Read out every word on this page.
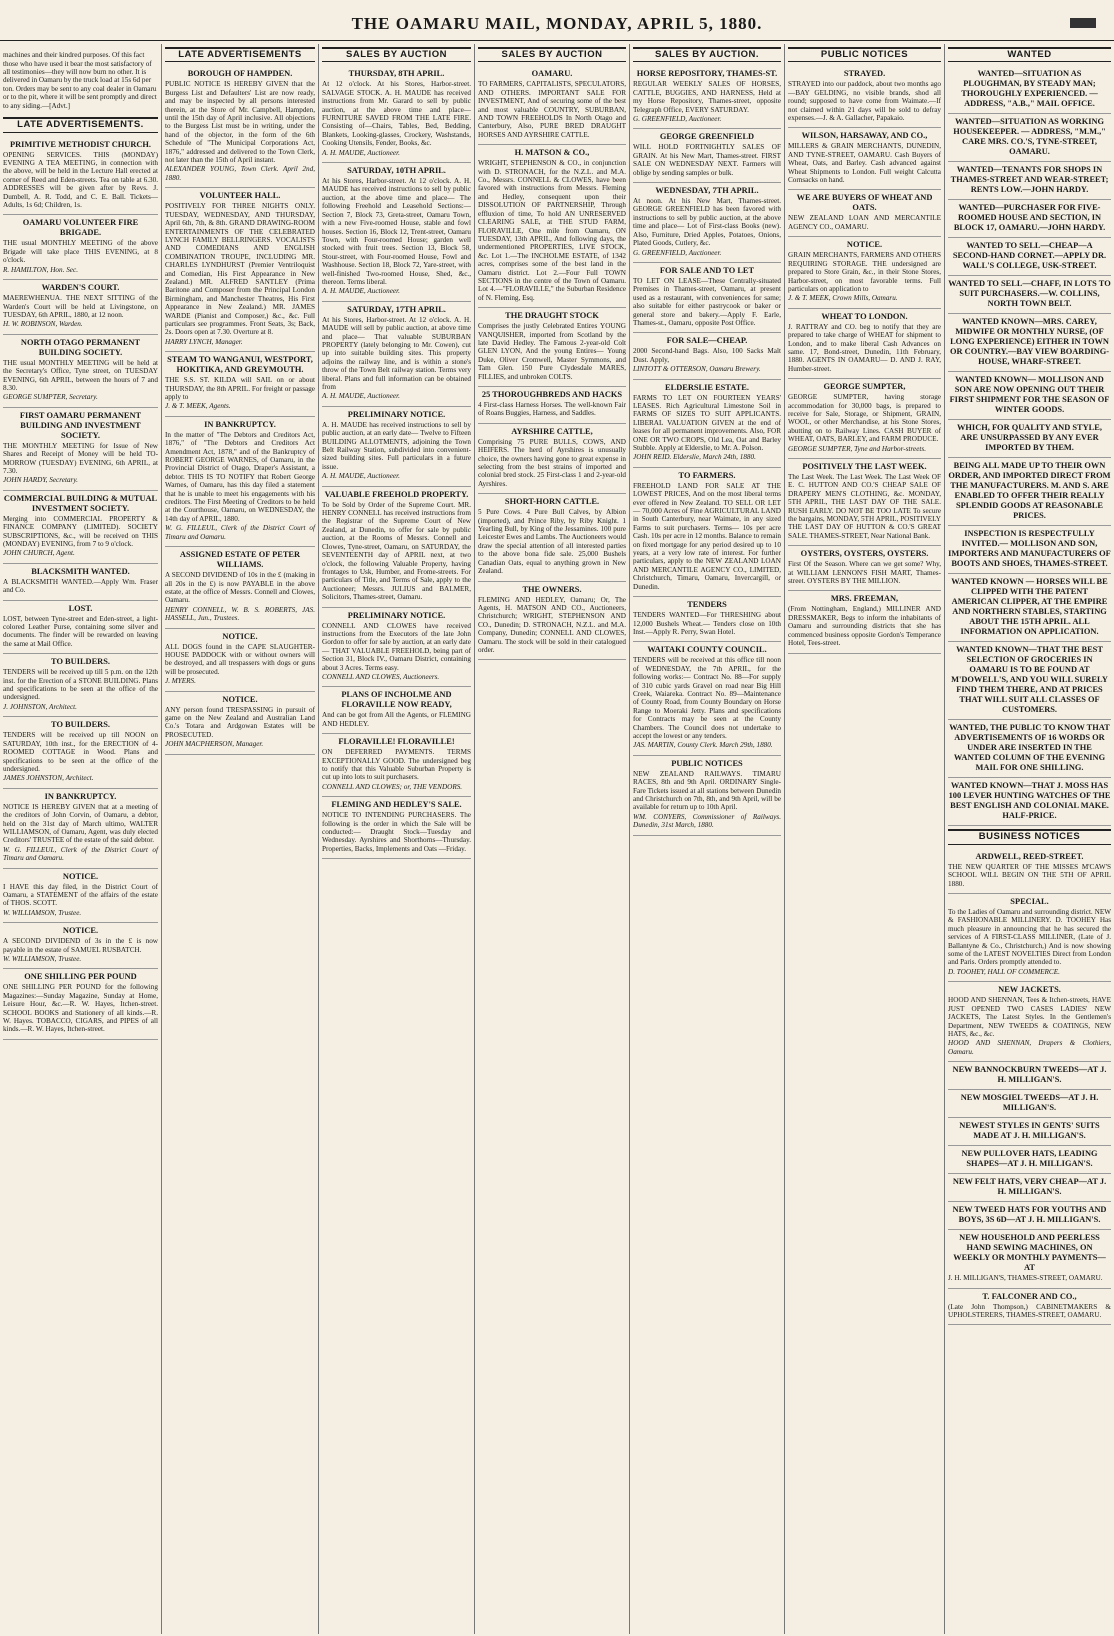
THE OAMARU MAIL, MONDAY, APRIL 5, 1880.

machines and their kindred purposes. Of this fact those who have used it bear the most satisfactory of all testimonies—they will now burn no other. It is delivered in Oamaru by the truck load at 15s 6d per ton. Orders may be sent to any coal dealer in Oamaru or to the pit, where it will be sent promptly and direct to any siding.—[Advt.]

LATE ADVERTISEMENTS.
PRIMITIVE METHODIST CHURCH.

OPENING SERVICES. THIS (MONDAY) EVENING A TEA MEETING, in connection with the above, will be held in the Lecture Hall erected at corner of Reed and Eden-streets. Tea on table at 6.30. ADDRESSES will be given after by Revs. J. Dumbell, A. R. Todd, and C. E. Ball. Tickets—Adults, 1s 6d; Children, 1s.

OAMARU VOLUNTEER FIRE BRIGADE.

THE usual MONTHLY MEETING of the above Brigade will take place THIS EVENING, at 8 o'clock.

R. HAMILTON, Hon. Sec.

WARDEN'S COURT.

MAEREWHENUA. THE NEXT SITTING of the Warden's Court will be held at Livingstone, on TUESDAY, 6th APRIL, 1880, at 12 noon.

H. W. ROBINSON, Warden.

NORTH OTAGO PERMANENT BUILDING SOCIETY.

THE usual MONTHLY MEETING will be held at the Secretary's Office, Tyne street, on TUESDAY EVENING, 6th APRIL, between the hours of 7 and 8.30.

GEORGE SUMPTER, Secretary.

FIRST OAMARU PERMANENT BUILDING AND INVESTMENT SOCIETY.

THE MONTHLY MEETING for Issue of New Shares and Receipt of Money will be held TO-MORROW (TUESDAY) EVENING, 6th APRIL, at 7.30.

JOHN HARDY, Secretary.

COMMERCIAL BUILDING & MUTUAL INVESTMENT SOCIETY.

Merging into COMMERCIAL PROPERTY & FINANCE COMPANY (LIMITED). SOCIETY SUBSCRIPTIONS, &c., will be received on THIS (MONDAY) EVENING, from 7 to 9 o'clock.

JOHN CHURCH, Agent.

BLACKSMITH WANTED.

A BLACKSMITH WANTED.—Apply Wm. Fraser and Co.

LOST.

LOST, between Tyne-street and Eden-street, a light-colored Leather Purse, containing some silver and documents. The finder will be rewarded on leaving the same at Mail Office.

TO BUILDERS.

TENDERS will be received up till 5 p.m. on the 12th inst. for the Erection of a STONE BUILDING. Plans and specifications to be seen at the office of the undersigned.

J. JOHNSTON, Architect.

TO BUILDERS.

TENDERS will be received up till NOON on SATURDAY, 10th inst., for the ERECTION of 4-ROOMED COTTAGE in Wood. Plans and specifications to be seen at the office of the undersigned.

JAMES JOHNSTON, Architect.

IN BANKRUPTCY.

NOTICE IS HEREBY GIVEN that at a meeting of the creditors of John Corvin, of Oamaru, a debtor, held on the 31st day of March ultimo, WALTER WILLIAMSON, of Oamaru, Agent, was duly elected Creditors' TRUSTEE of the estate of the said debtor.

W. G. FILLEUL, Clerk of the District Court of Timaru and Oamaru.

NOTICE.

I HAVE this day filed, in the District Court of Oamaru, a STATEMENT of the affairs of the estate of THOS. SCOTT.

W. WILLIAMSON, Trustee.

NOTICE.

A SECOND DIVIDEND of 3s in the £ is now payable in the estate of SAMUEL RUSBATCH.

W. WILLIAMSON, Trustee.

ONE SHILLING PER POUND

ONE SHILLING PER POUND for the following Magazines:—Sunday Magazine, Sunday at Home, Leisure Hour, &c.—R. W. Hayes, Itchen-street. SCHOOL BOOKS and Stationery of all kinds.—R. W. Hayes. TOBACCO, CIGARS, and PIPES of all kinds.—R. W. Hayes, Itchen-street.

LATE ADVERTISEMENTS
BOROUGH OF HAMPDEN.

PUBLIC NOTICE IS HEREBY GIVEN that the Burgess List and Defaulters' List are now ready, and may be inspected by all persons interested therein, at the Store of Mr. Campbell, Hampden, until the 15th day of April inclusive. All objections to the Burgess List must be in writing, under the hand of the objector, in the form of the 6th Schedule of "The Municipal Corporations Act, 1876," addressed and delivered to the Town Clerk, not later than the 15th of April instant.

ALEXANDER YOUNG, Town Clerk. April 2nd, 1880.

VOLUNTEER HALL.

POSITIVELY FOR THREE NIGHTS ONLY. TUESDAY, WEDNESDAY, AND THURSDAY, April 6th, 7th, & 8th. GRAND DRAWING-ROOM ENTERTAINMENTS OF THE CELEBRATED LYNCH FAMILY BELLRINGERS. VOCALISTS AND COMEDIANS AND ENGLISH COMBINATION TROUPE, INCLUDING MR. CHARLES LYNDHURST (Premier Ventriloquist and Comedian, His First Appearance in New Zealand.) MR. ALFRED SANTLEY (Prima Baritone and Composer from the Principal London Birmingham, and Manchester Theatres, His First Appearance in New Zealand.) MR. JAMES WARDE (Pianist and Composer,) &c., &c. Full particulars see programmes. Front Seats, 3s; Back, 2s. Doors open at 7.30. Overture at 8.

HARRY LYNCH, Manager.

STEAM TO WANGANUI, WESTPORT, HOKITIKA, AND GREYMOUTH.

THE S.S. ST. KILDA will SAIL on or about THURSDAY, the 8th APRIL. For freight or passage apply to

J. & T. MEEK, Agents.

IN BANKRUPTCY.

In the matter of "The Debtors and Creditors Act, 1876," of "The Debtors and Creditors Act Amendment Act, 1878," and of the Bankruptcy of ROBERT GEORGE WARNES, of Oamaru, in the Provincial District of Otago, Draper's Assistant, a debtor. THIS IS TO NOTIFY that Robert George Warnes, of Oamaru, has this day filed a statement that he is unable to meet his engagements with his creditors. The First Meeting of Creditors to be held at the Courthouse, Oamaru, on WEDNESDAY, the 14th day of APRIL, 1880.

W. G. FILLEUL, Clerk of the District Court of Timaru and Oamaru.

ASSIGNED ESTATE OF PETER WILLIAMS.

A SECOND DIVIDEND of 10s in the £ (making in all 20s in the £) is now PAYABLE in the above estate, at the office of Messrs. Connell and Clowes, Oamaru.

HENRY CONNELL, W. B. S. ROBERTS, JAS. HASSELL, Jun., Trustees.

NOTICE.

ALL DOGS found in the CAPE SLAUGHTER-HOUSE PADDOCK with or without owners will be destroyed, and all trespassers with dogs or guns will be prosecuted.

J. MYERS.

NOTICE.

ANY person found TRESPASSING in pursuit of game on the New Zealand and Australian Land Co.'s Totara and Ardgowan Estates will be PROSECUTED.

JOHN MACPHERSON, Manager.

SALES BY AUCTION
THURSDAY, 8TH APRIL.

At 12 o'clock. At his Stores, Harbor-street. SALVAGE STOCK. A. H. MAUDE has received instructions from Mr. Garard to sell by public auction, at the above time and place— FURNITURE SAVED FROM THE LATE FIRE. Consisting of—Chairs, Tables, Bed, Bedding, Blankets, Looking-glasses, Crockery, Washstands, Cooking Utensils, Fender, Books, &c.

A. H. MAUDE, Auctioneer.

SATURDAY, 10TH APRIL.

At his Stores, Harbor-street. At 12 o'clock. A. H. MAUDE has received instructions to sell by public auction, at the above time and place— The following Freehold and Leasehold Sections:— Section 7, Block 73, Greta-street, Oamaru Town, with a new Five-roomed House, stable and fowl houses. Section 16, Block 12, Trent-street, Oamaru Town, with Four-roomed House; garden well stocked with fruit trees. Section 13, Block 58, Stour-street, with Four-roomed House, Fowl and Washhouse. Section 18, Block 72, Yare-street, with well-finished Two-roomed House, Shed, &c., thereon. Terms liberal.

A. H. MAUDE, Auctioneer.

SATURDAY, 17TH APRIL.

At his Stores, Harbor-street. At 12 o'clock. A. H. MAUDE will sell by public auction, at above time and place— That valuable SUBURBAN PROPERTY (lately belonging to Mr. Cowen), cut up into suitable building sites. This property adjoins the railway line, and is within a stone's throw of the Town Belt railway station. Terms very liberal. Plans and full information can be obtained from

A. H. MAUDE, Auctioneer.

PRELIMINARY NOTICE.

A. H. MAUDE has received instructions to sell by public auction, at an early date— Twelve to Fifteen BUILDING ALLOTMENTS, adjoining the Town Belt Railway Station, subdivided into convenient-sized building sites. Full particulars in a future issue.

A. H. MAUDE, Auctioneer.

VALUABLE FREEHOLD PROPERTY.

To be Sold by Order of the Supreme Court. MR. HENRY CONNELL has received instructions from the Registrar of the Supreme Court of New Zealand, at Dunedin, to offer for sale by public auction, at the Rooms of Messrs. Connell and Clowes, Tyne-street, Oamaru, on SATURDAY, the SEVENTEENTH day of APRIL next, at two o'clock, the following Valuable Property, having frontages to Usk, Humber, and Frome-streets. For particulars of Title, and Terms of Sale, apply to the Auctioneer; Messrs. JULIUS and BALMER, Solicitors, Thames-street, Oamaru.

PRELIMINARY NOTICE.

CONNELL AND CLOWES have received instructions from the Executors of the late John Gordon to offer for sale by auction, at an early date— THAT VALUABLE FREEHOLD, being part of Section 31, Block IV., Oamaru District, containing about 3 Acres. Terms easy.

CONNELL AND CLOWES, Auctioneers.

PLANS OF INCHOLME AND FLORAVILLE NOW READY,

And can be got from All the Agents, or FLEMING AND HEDLEY.

FLORAVILLE! FLORAVILLE!

ON DEFERRED PAYMENTS. TERMS EXCEPTIONALLY GOOD. The undersigned beg to notify that this Valuable Suburban Property is cut up into lots to suit purchasers.

CONNELL AND CLOWES; or, THE VENDORS.

FLEMING AND HEDLEY'S SALE.

NOTICE TO INTENDING PURCHASERS. The following is the order in which the Sale will be conducted:— Draught Stock—Tuesday and Wednesday. Ayrshires and Shorthorns—Thursday. Properties, Backs, Implements and Oats —Friday.

SALES BY AUCTION
OAMARU.

TO FARMERS, CAPITALISTS, SPECULATORS, AND OTHERS. IMPORTANT SALE FOR INVESTMENT, And of securing some of the best and most valuable COUNTRY, SUBURBAN, AND TOWN FREEHOLDS In North Otago and Canterbury, Also, PURE BRED DRAUGHT HORSES AND AYRSHIRE CATTLE.

H. MATSON & CO.,

WRIGHT, STEPHENSON & CO., in conjunction with D. STRONACH, for the N.Z.L. and M.A. Co., Messrs. CONNELL & CLOWES, have been favored with instructions from Messrs. Fleming and Hedley, consequent upon their DISSOLUTION OF PARTNERSHIP, Through effluxion of time, To hold AN UNRESERVED CLEARING SALE, at THE STUD FARM, FLORAVILLE, One mile from Oamaru, ON TUESDAY, 13th APRIL, And following days, the undermentioned PROPERTIES, LIVE STOCK, &c. Lot 1.—The INCHOLME ESTATE, of 1342 acres, comprises some of the best land in the Oamaru district. Lot 2.—Four Full TOWN SECTIONS in the centre of the Town of Oamaru. Lot 4.—"FLORAVILLE," the Suburban Residence of N. Fleming, Esq.

THE DRAUGHT STOCK

Comprises the justly Celebrated Entires YOUNG VANQUISHER, imported from Scotland by the late David Hedley. The Famous 2-year-old Colt GLEN LYON, And the young Entires— Young Duke, Oliver Cromwell, Master Symmons, and Tam Glen. 150 Pure Clydesdale MARES, FILLIES, and unbroken COLTS.

25 THOROUGHBREDS AND HACKS

4 First-class Harness Horses. The well-known Fair of Roans Buggies, Harness, and Saddles.

AYRSHIRE CATTLE,

Comprising 75 PURE BULLS, COWS, AND HEIFERS. The herd of Ayrshires is unusually choice, the owners having gone to great expense in selecting from the best strains of imported and colonial bred stock. 25 First-class 1 and 2-year-old Ayrshires.

SHORT-HORN CATTLE.

5 Pure Cows. 4 Pure Bull Calves, by Albion (imported), and Prince Riby, by Riby Knight. 1 Yearling Bull, by King of the Jessamines. 100 pure Leicester Ewes and Lambs. The Auctioneers would draw the special attention of all interested parties to the above bona fide sale. 25,000 Bushels Canadian Oats, equal to anything grown in New Zealand.

THE OWNERS.

FLEMING AND HEDLEY, Oamaru; Or, The Agents, H. MATSON AND CO., Auctioneers, Christchurch; WRIGHT, STEPHENSON AND CO., Dunedin; D. STRONACH, N.Z.L. and M.A. Company, Dunedin; CONNELL AND CLOWES, Oamaru. The stock will be sold in their catalogued order.

SALES BY AUCTION.
HORSE REPOSITORY, THAMES-ST.

REGULAR WEEKLY SALES OF HORSES, CATTLE, BUGGIES, AND HARNESS, Held at my Horse Repository, Thames-street, opposite Telegraph Office, EVERY SATURDAY.

G. GREENFIELD, Auctioneer.

GEORGE GREENFIELD

WILL HOLD FORTNIGHTLY SALES OF GRAIN. At his New Mart, Thames-street. FIRST SALE ON WEDNESDAY NEXT. Farmers will oblige by sending samples or bulk.

WEDNESDAY, 7TH APRIL.

At noon. At his New Mart, Thames-street. GEORGE GREENFIELD has been favored with instructions to sell by public auction, at the above time and place— Lot of First-class Books (new). Also, Furniture, Dried Apples, Potatoes, Onions, Plated Goods, Cutlery, &c.

G. GREENFIELD, Auctioneer.

FOR SALE AND TO LET

TO LET ON LEASE—These Centrally-situated Premises in Thames-street, Oamaru, at present used as a restaurant, with conveniences for same; also suitable for either pastrycook or baker or general store and bakery.—Apply F. Earle, Thames-st., Oamaru, opposite Post Office.

FOR SALE—CHEAP.

2000 Second-hand Bags. Also, 100 Sacks Malt Dust. Apply,

LINTOTT & OTTERSON, Oamaru Brewery.

ELDERSLIE ESTATE.

FARMS TO LET ON FOURTEEN YEARS' LEASES. Rich Agricultural Limestone Soil in FARMS OF SIZES TO SUIT APPLICANTS. LIBERAL VALUATION GIVEN at the end of leases for all permanent improvements. Also, FOR ONE OR TWO CROPS, Old Lea, Oat and Barley Stubble. Apply at Elderslie, to Mr. A. Polson.

JOHN REID. Elderslie, March 24th, 1880.

TO FARMERS.

FREEHOLD LAND FOR SALE AT THE LOWEST PRICES, And on the most liberal terms ever offered in New Zealand. TO SELL OR LET— 70,000 Acres of Fine AGRICULTURAL LAND in South Canterbury, near Waimate, in any sized Farms to suit purchasers. Terms— 10s per acre Cash. 10s per acre in 12 months. Balance to remain on fixed mortgage for any period desired up to 10 years, at a very low rate of interest. For further particulars, apply to the NEW ZEALAND LOAN AND MERCANTILE AGENCY CO., LIMITED, Christchurch, Timaru, Oamaru, Invercargill, or Dunedin.

TENDERS

TENDERS WANTED—For THRESHING about 12,000 Bushels Wheat.— Tenders close on 10th Inst.—Apply R. Perry, Swan Hotel.

WAITAKI COUNTY COUNCIL.

TENDERS will be received at this office till noon of WEDNESDAY, the 7th APRIL, for the following works:— Contract No. 88—For supply of 310 cubic yards Gravel on road near Big Hill Creek, Waiareka. Contract No. 89—Maintenance of County Road, from County Boundary on Horse Range to Moeraki Jetty. Plans and specifications for Contracts may be seen at the County Chambers. The Council does not undertake to accept the lowest or any tenders.

JAS. MARTIN, County Clerk. March 29th, 1880.

PUBLIC NOTICES

NEW ZEALAND RAILWAYS. TIMARU RACES, 8th and 9th April. ORDINARY Single-Fare Tickets issued at all stations between Dunedin and Christchurch on 7th, 8th, and 9th April, will be available for return up to 10th April.

WM. CONYERS, Commissioner of Railways. Dunedin, 31st March, 1880.

PUBLIC NOTICES
STRAYED.

STRAYED into our paddock, about two months ago—BAY GELDING, no visible brands, shod all round; supposed to have come from Waimate.—If not claimed within 21 days will be sold to defray expenses.—J. & A. Gallacher, Papakaio.

WILSON, HARSAWAY, AND CO.,

MILLERS & GRAIN MERCHANTS, DUNEDIN, AND TYNE-STREET, OAMARU. Cash Buyers of Wheat, Oats, and Barley. Cash advanced against Wheat Shipments to London. Full weight Calcutta Cornsacks on hand.

WE ARE BUYERS OF WHEAT AND OATS.

NEW ZEALAND LOAN AND MERCANTILE AGENCY CO., OAMARU.

NOTICE.

GRAIN MERCHANTS, FARMERS AND OTHERS REQUIRING STORAGE. THE undersigned are prepared to Store Grain, &c., in their Stone Stores, Harbor-street, on most favorable terms. Full particulars on application to

J. & T. MEEK, Crown Mills, Oamaru.

WHEAT TO LONDON.

J. RATTRAY and CO. beg to notify that they are prepared to take charge of WHEAT for shipment to London, and to make liberal Cash Advances on same. 17, Bond-street, Dunedin, 11th February, 1880. AGENTS IN OAMARU— D. AND J. RAY, Humber-street.

GEORGE SUMPTER,

GEORGE SUMPTER, having storage accommodation for 30,000 bags, is prepared to receive for Sale, Storage, or Shipment, GRAIN, WOOL, or other Merchandise, at his Stone Stores, abutting on to Railway Lines. CASH BUYER of WHEAT, OATS, BARLEY, and FARM PRODUCE.

GEORGE SUMPTER, Tyne and Harbor-streets.

POSITIVELY THE LAST WEEK.

The Last Week. The Last Week. The Last Week OF E. C. HUTTON AND CO.'S CHEAP SALE OF DRAPERY MEN'S CLOTHING, &c. MONDAY, 5TH APRIL, THE LAST DAY OF THE SALE. RUSH EARLY. DO NOT BE TOO LATE To secure the bargains, MONDAY, 5TH APRIL, POSITIVELY THE LAST DAY OF HUTTON & CO.'S GREAT SALE. THAMES-STREET, Near National Bank.

OYSTERS, OYSTERS, OYSTERS.

First Of the Season. Where can we get some? Why, at WILLIAM LENNON'S FISH MART, Thames-street. OYSTERS BY THE MILLION.

MRS. FREEMAN,

(From Nottingham, England,) MILLINER AND DRESSMAKER, Begs to inform the inhabitants of Oamaru and surrounding districts that she has commenced business opposite Gordon's Temperance Hotel, Tees-street.

WANTED
WANTED—SITUATION AS PLOUGHMAN, BY STEADY MAN; THOROUGHLY EXPERIENCED. — ADDRESS, "A.B.," MAIL OFFICE.
WANTED—SITUATION AS WORKING HOUSEKEEPER. — ADDRESS, "M.M.," CARE MRS. CO.'S, TYNE-STREET, OAMARU.
WANTED—TENANTS FOR SHOPS IN THAMES-STREET AND WEAR-STREET; RENTS LOW.—JOHN HARDY.
WANTED—PURCHASER FOR FIVE-ROOMED HOUSE AND SECTION, IN BLOCK 17, OAMARU.—JOHN HARDY.
WANTED TO SELL—CHEAP—A SECOND-HAND CORNET.—APPLY DR. WALL'S COLLEGE, USK-STREET.
WANTED TO SELL—CHAFF, IN LOTS TO SUIT PURCHASERS.—W. COLLINS, NORTH TOWN BELT.
WANTED KNOWN—MRS. CAREY, MIDWIFE OR MONTHLY NURSE, (OF LONG EXPERIENCE) EITHER IN TOWN OR COUNTRY.—BAY VIEW BOARDING-HOUSE, WHARF-STREET.
WANTED KNOWN— MOLLISON AND SON ARE NOW OPENING OUT THEIR FIRST SHIPMENT FOR THE SEASON OF WINTER GOODS.
WHICH, FOR QUALITY AND STYLE, ARE UNSURPASSED BY ANY EVER IMPORTED BY THEM.
BEING ALL MADE UP TO THEIR OWN ORDER, AND IMPORTED DIRECT FROM THE MANUFACTURERS. M. AND S. ARE ENABLED TO OFFER THEIR REALLY SPLENDID GOODS AT REASONABLE PRICES.
INSPECTION IS RESPECTFULLY INVITED.— MOLLISON AND SON, IMPORTERS AND MANUFACTURERS OF BOOTS AND SHOES, THAMES-STREET.
WANTED KNOWN — HORSES WILL BE CLIPPED WITH THE PATENT AMERICAN CLIPPER, AT THE EMPIRE AND NORTHERN STABLES, STARTING ABOUT THE 15TH APRIL. ALL INFORMATION ON APPLICATION.
WANTED KNOWN—THAT THE BEST SELECTION OF GROCERIES IN OAMARU IS TO BE FOUND AT M'DOWELL'S, AND YOU WILL SURELY FIND THEM THERE, AND AT PRICES THAT WILL SUIT ALL CLASSES OF CUSTOMERS.
WANTED, THE PUBLIC TO KNOW THAT ADVERTISEMENTS OF 16 WORDS OR UNDER ARE INSERTED IN THE WANTED COLUMN OF THE EVENING MAIL FOR ONE SHILLING.
WANTED KNOWN—THAT J. MOSS HAS 100 LEVER HUNTING WATCHES OF THE BEST ENGLISH AND COLONIAL MAKE. HALF-PRICE.
BUSINESS NOTICES
ARDWELL, REED-STREET.

THE NEW QUARTER OF THE MISSES M'CAW'S SCHOOL WILL BEGIN ON THE 5TH OF APRIL 1880.

SPECIAL.

To the Ladies of Oamaru and surrounding district. NEW & FASHIONABLE MILLINERY. D. TOOHEY Has much pleasure in announcing that he has secured the services of A FIRST-CLASS MILLINER, (Late of J. Ballantyne & Co., Christchurch,) And is now showing some of the LATEST NOVELTIES Direct from London and Paris. Orders promptly attended to.

D. TOOHEY, HALL OF COMMERCE.

NEW JACKETS.

HOOD AND SHENNAN, Tees & Itchen-streets, HAVE JUST OPENED TWO CASES LADIES' NEW JACKETS, The Latest Styles. In the Gentlemen's Department, NEW TWEEDS & COATINGS, NEW HATS, &c., &c.

HOOD AND SHENNAN, Drapers & Clothiers, Oamaru.

NEW BANNOCKBURN TWEEDS—AT J. H. MILLIGAN'S.
NEW MOSGIEL TWEEDS—AT J. H. MILLIGAN'S.
NEWEST STYLES IN GENTS' SUITS MADE AT J. H. MILLIGAN'S.
NEW PULLOVER HATS, LEADING SHAPES—AT J. H. MILLIGAN'S.
NEW FELT HATS, VERY CHEAP—AT J. H. MILLIGAN'S.
NEW TWEED HATS FOR YOUTHS AND BOYS, 3S 6D—AT J. H. MILLIGAN'S.
NEW HOUSEHOLD AND PEERLESS HAND SEWING MACHINES, ON WEEKLY OR MONTHLY PAYMENTS—AT

J. H. MILLIGAN'S, THAMES-STREET, OAMARU.

T. FALCONER AND CO.,

(Late John Thompson,) CABINETMAKERS & UPHOLSTERERS, THAMES-STREET, OAMARU.
